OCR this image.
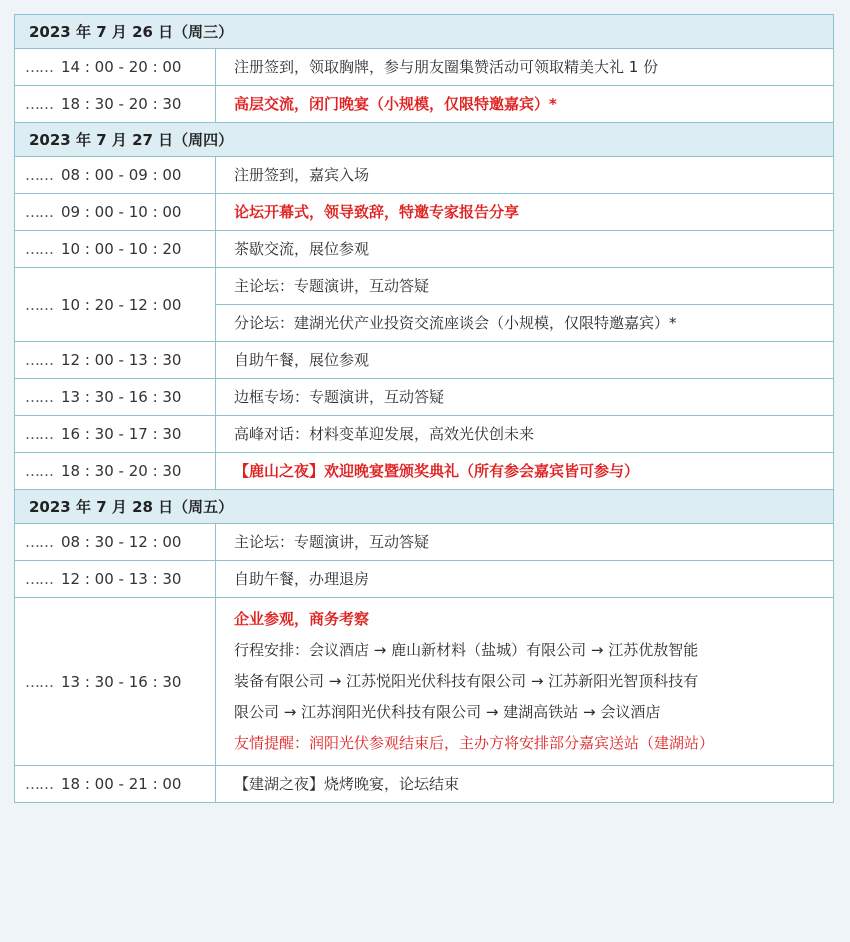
2023 年 7 月 26 日（周三）	
…… 14 : 00 - 20 : 00	注册签到，领取胸牌，参与朋友圈集赞活动可领取精美大礼 1 份
…… 18 : 30 - 20 : 30	高层交流，闭门晚宴（小规模，仅限特邀嘉宾）*
2023 年 7 月 27 日（周四）	
…… 08 : 00 - 09 : 00	注册签到，嘉宾入场
…… 09 : 00 - 10 : 00	论坛开幕式，领导致辞，特邀专家报告分享
…… 10 : 00 - 10 : 20	茶歇交流，展位参观
…… 10 : 20 - 12 : 00	主论坛：专题演讲，互动答疑
	分论坛：建湖光伏产业投资交流座谈会（小规模，仅限特邀嘉宾）*
…… 12 : 00 - 13 : 30	自助午餐，展位参观
…… 13 : 30 - 16 : 30	边框专场：专题演讲，互动答疑
…… 16 : 30 - 17 : 30	高峰对话：材料变革迎发展，高效光伏创未来
…… 18 : 30 - 20 : 30	【鹿山之夜】欢迎晚宴暨颁奖典礼（所有参会嘉宾皆可参与）
2023 年 7 月 28 日（周五）	
…… 08 : 30 - 12 : 00	主论坛：专题演讲，互动答疑
…… 12 : 00 - 13 : 30	自助午餐，办理退房
…… 13 : 30 - 16 : 30	企业参观，商务考察
行程安排：会议酒店 → 鹿山新材料（盐城）有限公司 → 江苏优敖智能
装备有限公司 → 江苏悦阳光伏科技有限公司 → 江苏新阳光智顶科技有
限公司 → 江苏润阳光伏科技有限公司 → 建湖高铁站 → 会议酒店
友情提醒：润阳光伏参观结束后，主办方将安排部分嘉宾送站（建湖站）

…… 18 : 00 - 21 : 00	【建湖之夜】烧烤晚宴，论坛结束
